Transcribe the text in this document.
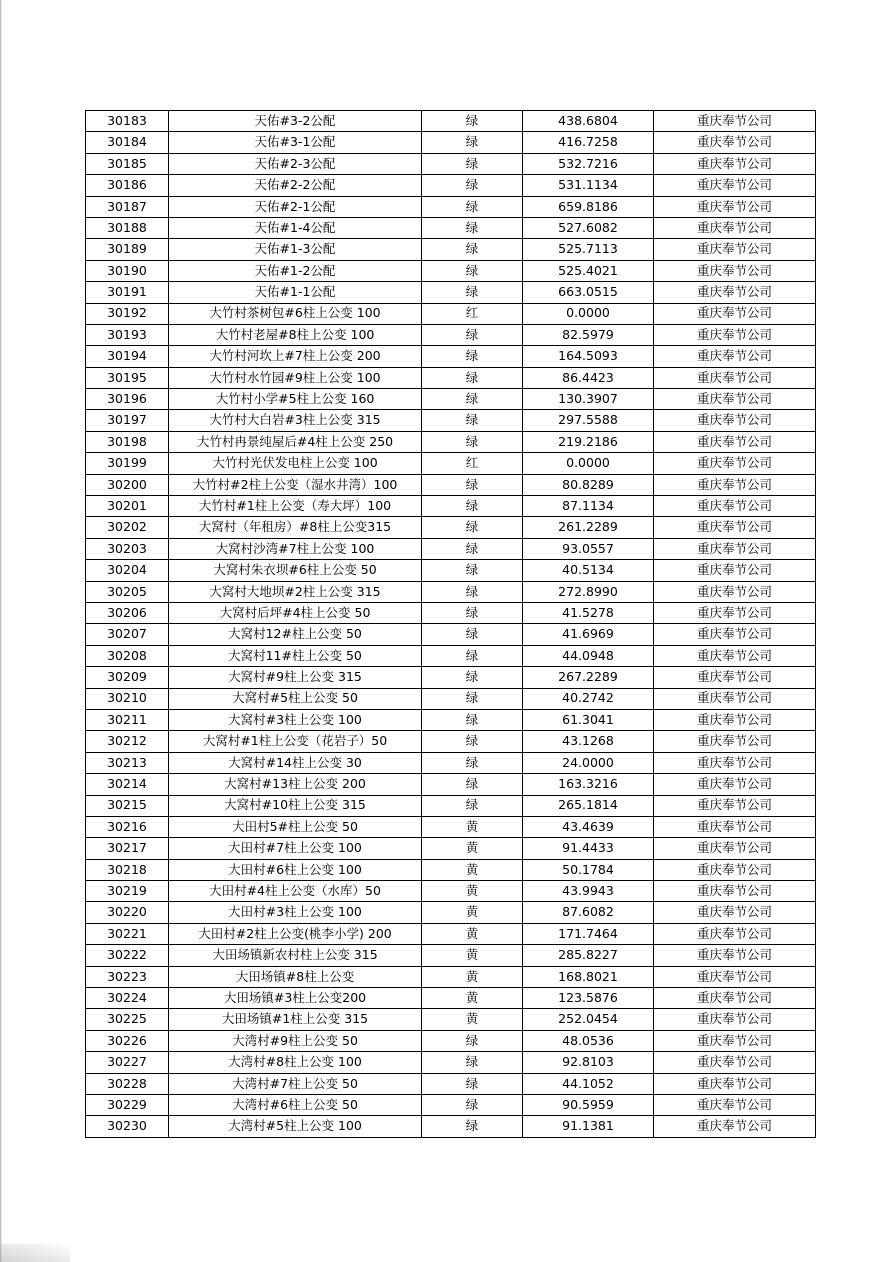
30183	天佑#3-2公配	绿	438.6804	重庆奉节公司
30184	天佑#3-1公配	绿	416.7258	重庆奉节公司
30185	天佑#2-3公配	绿	532.7216	重庆奉节公司
30186	天佑#2-2公配	绿	531.1134	重庆奉节公司
30187	天佑#2-1公配	绿	659.8186	重庆奉节公司
30188	天佑#1-4公配	绿	527.6082	重庆奉节公司
30189	天佑#1-3公配	绿	525.7113	重庆奉节公司
30190	天佑#1-2公配	绿	525.4021	重庆奉节公司
30191	天佑#1-1公配	绿	663.0515	重庆奉节公司
30192	大竹村茶树包#6柱上公变 100	红	0.0000	重庆奉节公司
30193	大竹村老屋#8柱上公变 100	绿	82.5979	重庆奉节公司
30194	大竹村河坎上#7柱上公变 200	绿	164.5093	重庆奉节公司
30195	大竹村水竹园#9柱上公变 100	绿	86.4423	重庆奉节公司
30196	大竹村小学#5柱上公变 160	绿	130.3907	重庆奉节公司
30197	大竹村大白岩#3柱上公变 315	绿	297.5588	重庆奉节公司
30198	大竹村冉景纯屋后#4柱上公变 250	绿	219.2186	重庆奉节公司
30199	大竹村光伏发电柱上公变 100	红	0.0000	重庆奉节公司
30200	大竹村#2柱上公变（湿水井湾）100	绿	80.8289	重庆奉节公司
30201	大竹村#1柱上公变（寿大坪）100	绿	87.1134	重庆奉节公司
30202	大窝村（年租房）#8柱上公变315	绿	261.2289	重庆奉节公司
30203	大窝村沙湾#7柱上公变 100	绿	93.0557	重庆奉节公司
30204	大窝村朱衣坝#6柱上公变 50	绿	40.5134	重庆奉节公司
30205	大窝村大地坝#2柱上公变 315	绿	272.8990	重庆奉节公司
30206	大窝村后坪#4柱上公变 50	绿	41.5278	重庆奉节公司
30207	大窝村12#柱上公变 50	绿	41.6969	重庆奉节公司
30208	大窝村11#柱上公变 50	绿	44.0948	重庆奉节公司
30209	大窝村#9柱上公变 315	绿	267.2289	重庆奉节公司
30210	大窝村#5柱上公变 50	绿	40.2742	重庆奉节公司
30211	大窝村#3柱上公变 100	绿	61.3041	重庆奉节公司
30212	大窝村#1柱上公变（花岩子）50	绿	43.1268	重庆奉节公司
30213	大窝村#14柱上公变 30	绿	24.0000	重庆奉节公司
30214	大窝村#13柱上公变 200	绿	163.3216	重庆奉节公司
30215	大窝村#10柱上公变 315	绿	265.1814	重庆奉节公司
30216	大田村5#柱上公变 50	黄	43.4639	重庆奉节公司
30217	大田村#7柱上公变 100	黄	91.4433	重庆奉节公司
30218	大田村#6柱上公变 100	黄	50.1784	重庆奉节公司
30219	大田村#4柱上公变（水库）50	黄	43.9943	重庆奉节公司
30220	大田村#3柱上公变 100	黄	87.6082	重庆奉节公司
30221	大田村#2柱上公变(桃李小学) 200	黄	171.7464	重庆奉节公司
30222	大田场镇新农村柱上公变 315	黄	285.8227	重庆奉节公司
30223	大田场镇#8柱上公变	黄	168.8021	重庆奉节公司
30224	大田场镇#3柱上公变200	黄	123.5876	重庆奉节公司
30225	大田场镇#1柱上公变 315	黄	252.0454	重庆奉节公司
30226	大湾村#9柱上公变 50	绿	48.0536	重庆奉节公司
30227	大湾村#8柱上公变 100	绿	92.8103	重庆奉节公司
30228	大湾村#7柱上公变 50	绿	44.1052	重庆奉节公司
30229	大湾村#6柱上公变 50	绿	90.5959	重庆奉节公司
30230	大湾村#5柱上公变 100	绿	91.1381	重庆奉节公司
